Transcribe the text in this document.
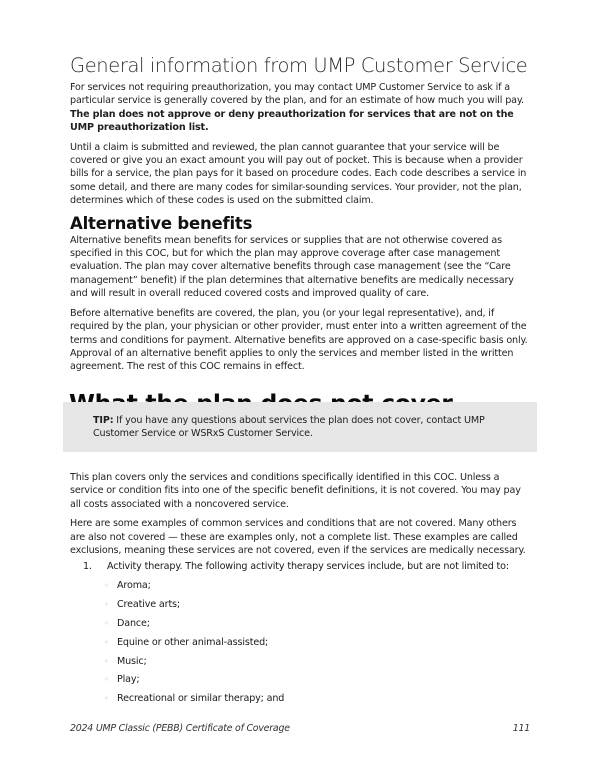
General information from UMP Customer Service

For services not requiring preauthorization, you may contact UMP Customer Service to ask if a particular service is generally covered by the plan, and for an estimate of how much you will pay. The plan does not approve or deny preauthorization for services that are not on the UMP preauthorization list.

Until a claim is submitted and reviewed, the plan cannot guarantee that your service will be covered or give you an exact amount you will pay out of pocket. This is because when a provider bills for a service, the plan pays for it based on procedure codes. Each code describes a service in some detail, and there are many codes for similar-sounding services. Your provider, not the plan, determines which of these codes is used on the submitted claim.

Alternative benefits

Alternative benefits mean benefits for services or supplies that are not otherwise covered as specified in this COC, but for which the plan may approve coverage after case management evaluation. The plan may cover alternative benefits through case management (see the “Care management” benefit) if the plan determines that alternative benefits are medically necessary and will result in overall reduced covered costs and improved quality of care.

Before alternative benefits are covered, the plan, you (or your legal representative), and, if required by the plan, your physician or other provider, must enter into a written agreement of the terms and conditions for payment. Alternative benefits are approved on a case-specific basis only. Approval of an alternative benefit applies to only the services and member listed in the written agreement. The rest of this COC remains in effect.

TIP: If you have any questions about services the plan does not cover, contact UMP Customer Service or WSRxS Customer Service.

This plan covers only the services and conditions specifically identified in this COC. Unless a service or condition fits into one of the specific benefit definitions, it is not covered. You may pay all costs associated with a noncovered service.

Here are some examples of common services and conditions that are not covered. Many others are also not covered — these are examples only, not a complete list. These examples are called exclusions, meaning these services are not covered, even if the services are medically necessary.

1. Activity therapy. The following activity therapy services include, but are not limited to:
◦ Aroma;
◦ Creative arts;
◦ Dance;
◦ Equine or other animal-assisted;
◦ Music;
◦ Play;
◦ Recreational or similar therapy; and
2024 UMP Classic (PEBB) Certificate of Coverage	111
